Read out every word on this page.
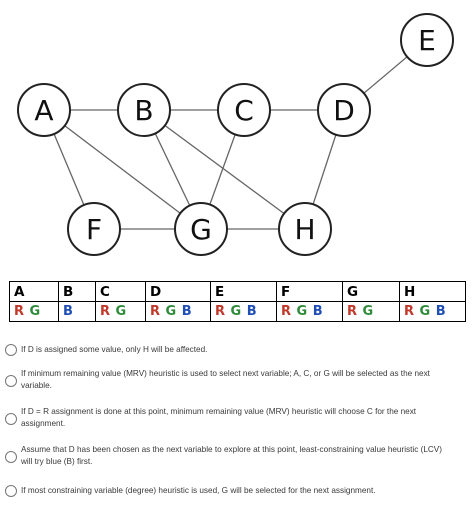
A	B	C	D
E
F	G	H
A	B	C	D	E	F	G	H
R G	B	R G	R G B	R G B	R G B	R G	R G B
If D is assigned some value, only H will be affected.
If minimum remaining value (MRV) heuristic is used to select next variable; A, C, or G will be selected as the next variable.
If D = R assignment is done at this point, minimum remaining value (MRV) heuristic will choose C for the next assignment.
Assume that D has been chosen as the next variable to explore at this point, least-constraining value heuristic (LCV) will try blue (B) first.
If most constraining variable (degree) heuristic is used, G will be selected for the next assignment.
